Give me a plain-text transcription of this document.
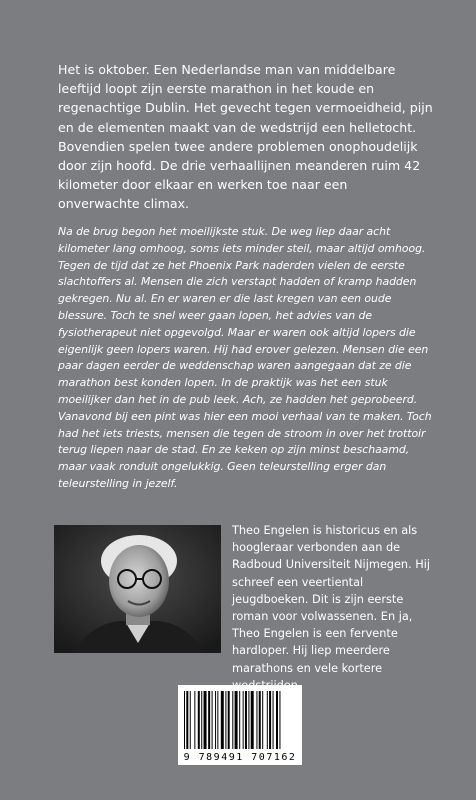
Het is oktober. Een Nederlandse man van middelbare leeftijd loopt zijn eerste marathon in het koude en regenachtige Dublin. Het gevecht tegen vermoeidheid, pijn en de elementen maakt van de wedstrijd een helletocht. Bovendien spelen twee andere problemen onophoudelijk door zijn hoofd. De drie verhaallijnen meanderen ruim 42 kilometer door elkaar en werken toe naar een onverwachte climax.

Na de brug begon het moeilijkste stuk. De weg liep daar acht kilometer lang omhoog, soms iets minder steil, maar altijd omhoog. Tegen de tijd dat ze het Phoenix Park naderden vielen de eerste slachtoffers al. Mensen die zich verstapt hadden of kramp hadden gekregen. Nu al. En er waren er die last kregen van een oude blessure. Toch te snel weer gaan lopen, het advies van de fysiotherapeut niet opgevolgd. Maar er waren ook altijd lopers die eigenlijk geen lopers waren. Hij had erover gelezen. Mensen die een paar dagen eerder de weddenschap waren aangegaan dat ze die marathon best konden lopen. In de praktijk was het een stuk moeilijker dan het in de pub leek. Ach, ze hadden het geprobeerd. Vanavond bij een pint was hier een mooi verhaal van te maken. Toch had het iets triests, mensen die tegen de stroom in over het trottoir terug liepen naar de stad. En ze keken op zijn minst beschaamd, maar vaak ronduit ongelukkig. Geen teleurstelling erger dan teleurstelling in jezelf.

Theo Engelen is historicus en als hoogleraar verbonden aan de Radboud Universiteit Nijmegen. Hij schreef een veertiental jeugdboeken. Dit is zijn eerste roman voor volwassenen. En ja, Theo Engelen is een fervente hardloper. Hij liep meerdere marathons en vele kortere

9 789491 707162
